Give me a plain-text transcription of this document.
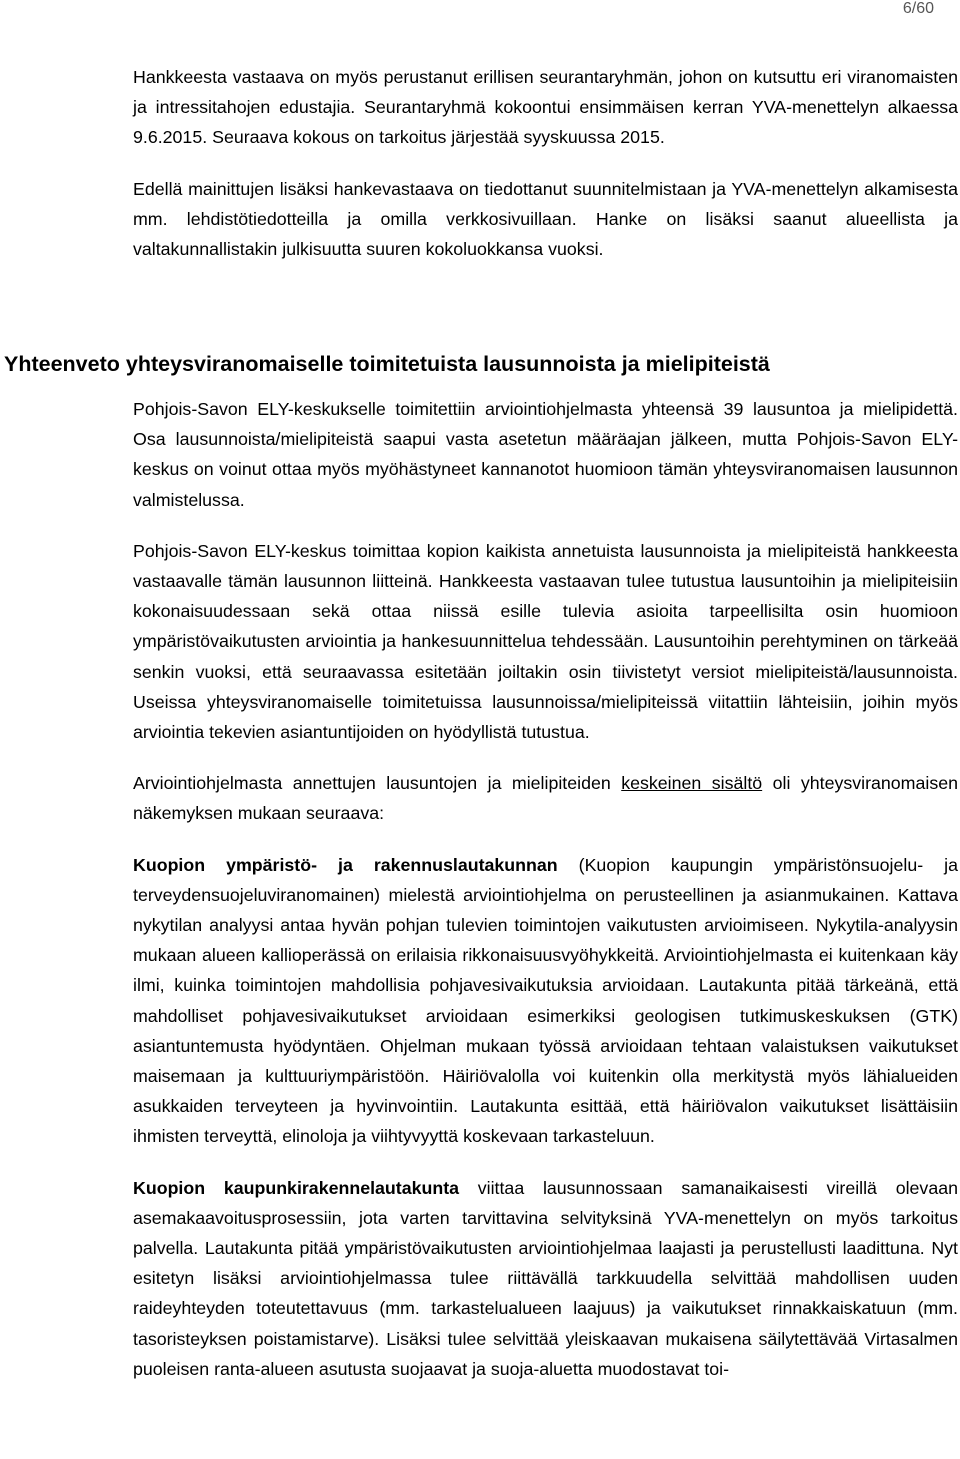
6/60

Hankkeesta vastaava on myös perustanut erillisen seurantaryhmän, johon on kutsuttu eri viranomaisten ja intressitahojen edustajia. Seurantaryhmä kokoontui ensimmäisen kerran YVA-menettelyn alkaessa 9.6.2015. Seuraava kokous on tarkoitus järjestää syyskuussa 2015.

Edellä mainittujen lisäksi hankevastaava on tiedottanut suunnitelmistaan ja YVA-menettelyn alkamisesta mm. lehdistötiedotteilla ja omilla verkkosivuillaan. Hanke on lisäksi saanut alueellista ja valtakunnallistakin julkisuutta suuren kokoluokkansa vuoksi.

Yhteenveto yhteysviranomaiselle toimitetuista lausunnoista ja mielipiteistä

Pohjois-Savon ELY-keskukselle toimitettiin arviointiohjelmasta yhteensä 39 lausuntoa ja mielipidettä. Osa lausunnoista/mielipiteistä saapui vasta asetetun määräajan jälkeen, mutta Pohjois-Savon ELY-keskus on voinut ottaa myös myöhästyneet kannanotot huomioon tämän yhteysviranomaisen lausunnon valmistelussa.

Pohjois-Savon ELY-keskus toimittaa kopion kaikista annetuista lausunnoista ja mielipiteistä hankkeesta vastaavalle tämän lausunnon liitteinä. Hankkeesta vastaavan tulee tutustua lausuntoihin ja mielipiteisiin kokonaisuudessaan sekä ottaa niissä esille tulevia asioita tarpeellisilta osin huomioon ympäristövaikutusten arviointia ja hankesuunnittelua tehdessään. Lausuntoihin perehtyminen on tärkeää senkin vuoksi, että seuraavassa esitetään joiltakin osin tiivistetyt versiot mielipiteistä/lausunnoista. Useissa yhteysviranomaiselle toimitetuissa lausunnoissa/mielipiteissä viitattiin lähteisiin, joihin myös arviointia tekevien asiantuntijoiden on hyödyllistä tutustua.

Arviointiohjelmasta annettujen lausuntojen ja mielipiteiden keskeinen sisältö oli yhteysviranomaisen näkemyksen mukaan seuraava:

Kuopion ympäristö- ja rakennuslautakunnan (Kuopion kaupungin ympäristönsuojelu- ja terveydensuojeluviranomainen) mielestä arviointiohjelma on perusteellinen ja asianmukainen. Kattava nykytilan analyysi antaa hyvän pohjan tulevien toimintojen vaikutusten arvioimiseen. Nykytila-analyysin mukaan alueen kallioperässä on erilaisia rikkonaisuusvyöhykkeitä. Arviointiohjelmasta ei kuitenkaan käy ilmi, kuinka toimintojen mahdollisia pohjavesivaikutuksia arvioidaan. Lautakunta pitää tärkeänä, että mahdolliset pohjavesivaikutukset arvioidaan esimerkiksi geologisen tutkimuskeskuksen (GTK) asiantuntemusta hyödyntäen. Ohjelman mukaan työssä arvioidaan tehtaan valaistuksen vaikutukset maisemaan ja kulttuuriympäristöön. Häiriövalolla voi kuitenkin olla merkitystä myös lähialueiden asukkaiden terveyteen ja hyvinvointiin. Lautakunta esittää, että häiriövalon vaikutukset lisättäisiin ihmisten terveyttä, elinoloja ja viihtyvyyttä koskevaan tarkasteluun.

Kuopion kaupunkirakennelautakunta viittaa lausunnossaan samanaikaisesti vireillä olevaan asemakaavoitusprosessiin, jota varten tarvittavina selvityksinä YVA-menettelyn on myös tarkoitus palvella. Lautakunta pitää ympäristövaikutusten arviointiohjelmaa laajasti ja perustellusti laadittuna. Nyt esitetyn lisäksi arviointiohjelmassa tulee riittävällä tarkkuudella selvittää mahdollisen uuden raideyhteyden toteutettavuus (mm. tarkastelualueen laajuus) ja vaikutukset rinnakkaiskatuun (mm. tasoristeyksen poistamistarve). Lisäksi tulee selvittää yleiskaavan mukaisena säilytettävää Virtasalmen puoleisen ranta-alueen asutusta suojaavat ja suoja-aluetta muodostavat toi-
